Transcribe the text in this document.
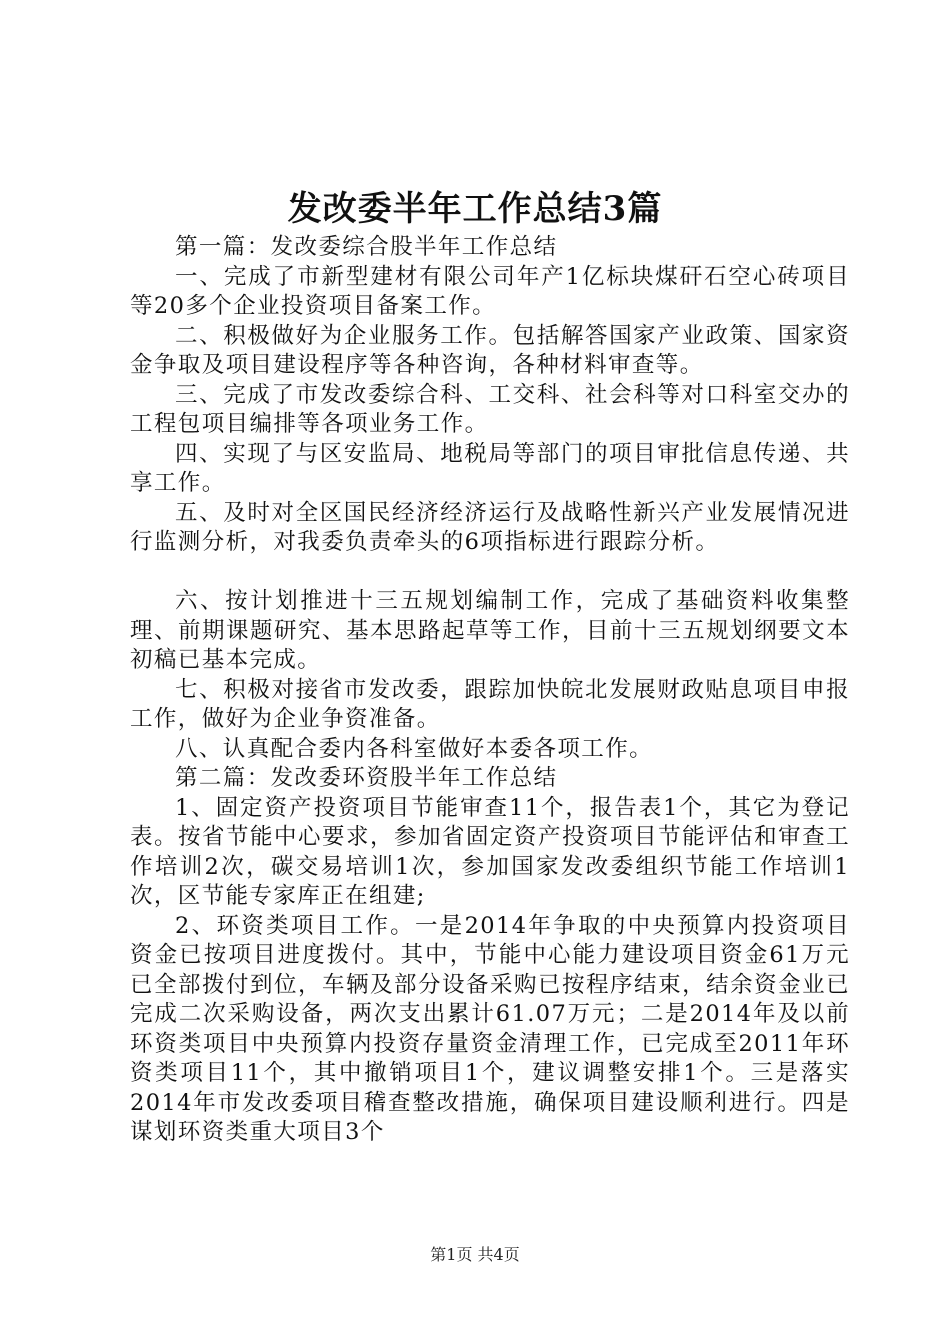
发改委半年工作总结3篇

第一篇：发改委综合股半年工作总结

一、完成了市新型建材有限公司年产1亿标块煤矸石空心砖项目等20多个企业投资项目备案工作。

二、积极做好为企业服务工作。包括解答国家产业政策、国家资金争取及项目建设程序等各种咨询，各种材料审查等。

三、完成了市发改委综合科、工交科、社会科等对口科室交办的工程包项目编排等各项业务工作。

四、实现了与区安监局、地税局等部门的项目审批信息传递、共享工作。

五、及时对全区国民经济经济运行及战略性新兴产业发展情况进行监测分析，对我委负责牵头的6项指标进行跟踪分析。

六、按计划推进十三五规划编制工作，完成了基础资料收集整理、前期课题研究、基本思路起草等工作，目前十三五规划纲要文本初稿已基本完成。

七、积极对接省市发改委，跟踪加快皖北发展财政贴息项目申报工作，做好为企业争资准备。

八、认真配合委内各科室做好本委各项工作。

第二篇：发改委环资股半年工作总结

1、固定资产投资项目节能审查11个，报告表1个，其它为登记表。按省节能中心要求，参加省固定资产投资项目节能评估和审查工作培训2次，碳交易培训1次，参加国家发改委组织节能工作培训1次，区节能专家库正在组建;

2、环资类项目工作。一是2014年争取的中央预算内投资项目资金已按项目进度拨付。其中，节能中心能力建设项目资金61万元已全部拨付到位，车辆及部分设备采购已按程序结束，结余资金业已完成二次采购设备，两次支出累计61.07万元；二是2014年及以前环资类项目中央预算内投资存量资金清理工作，已完成至2011年环资类项目11个，其中撤销项目1个，建议调整安排1个。三是落实2014年市发改委项目稽查整改措施，确保项目建设顺利进行。四是谋划环资类重大项目3个

第1页 共4页
